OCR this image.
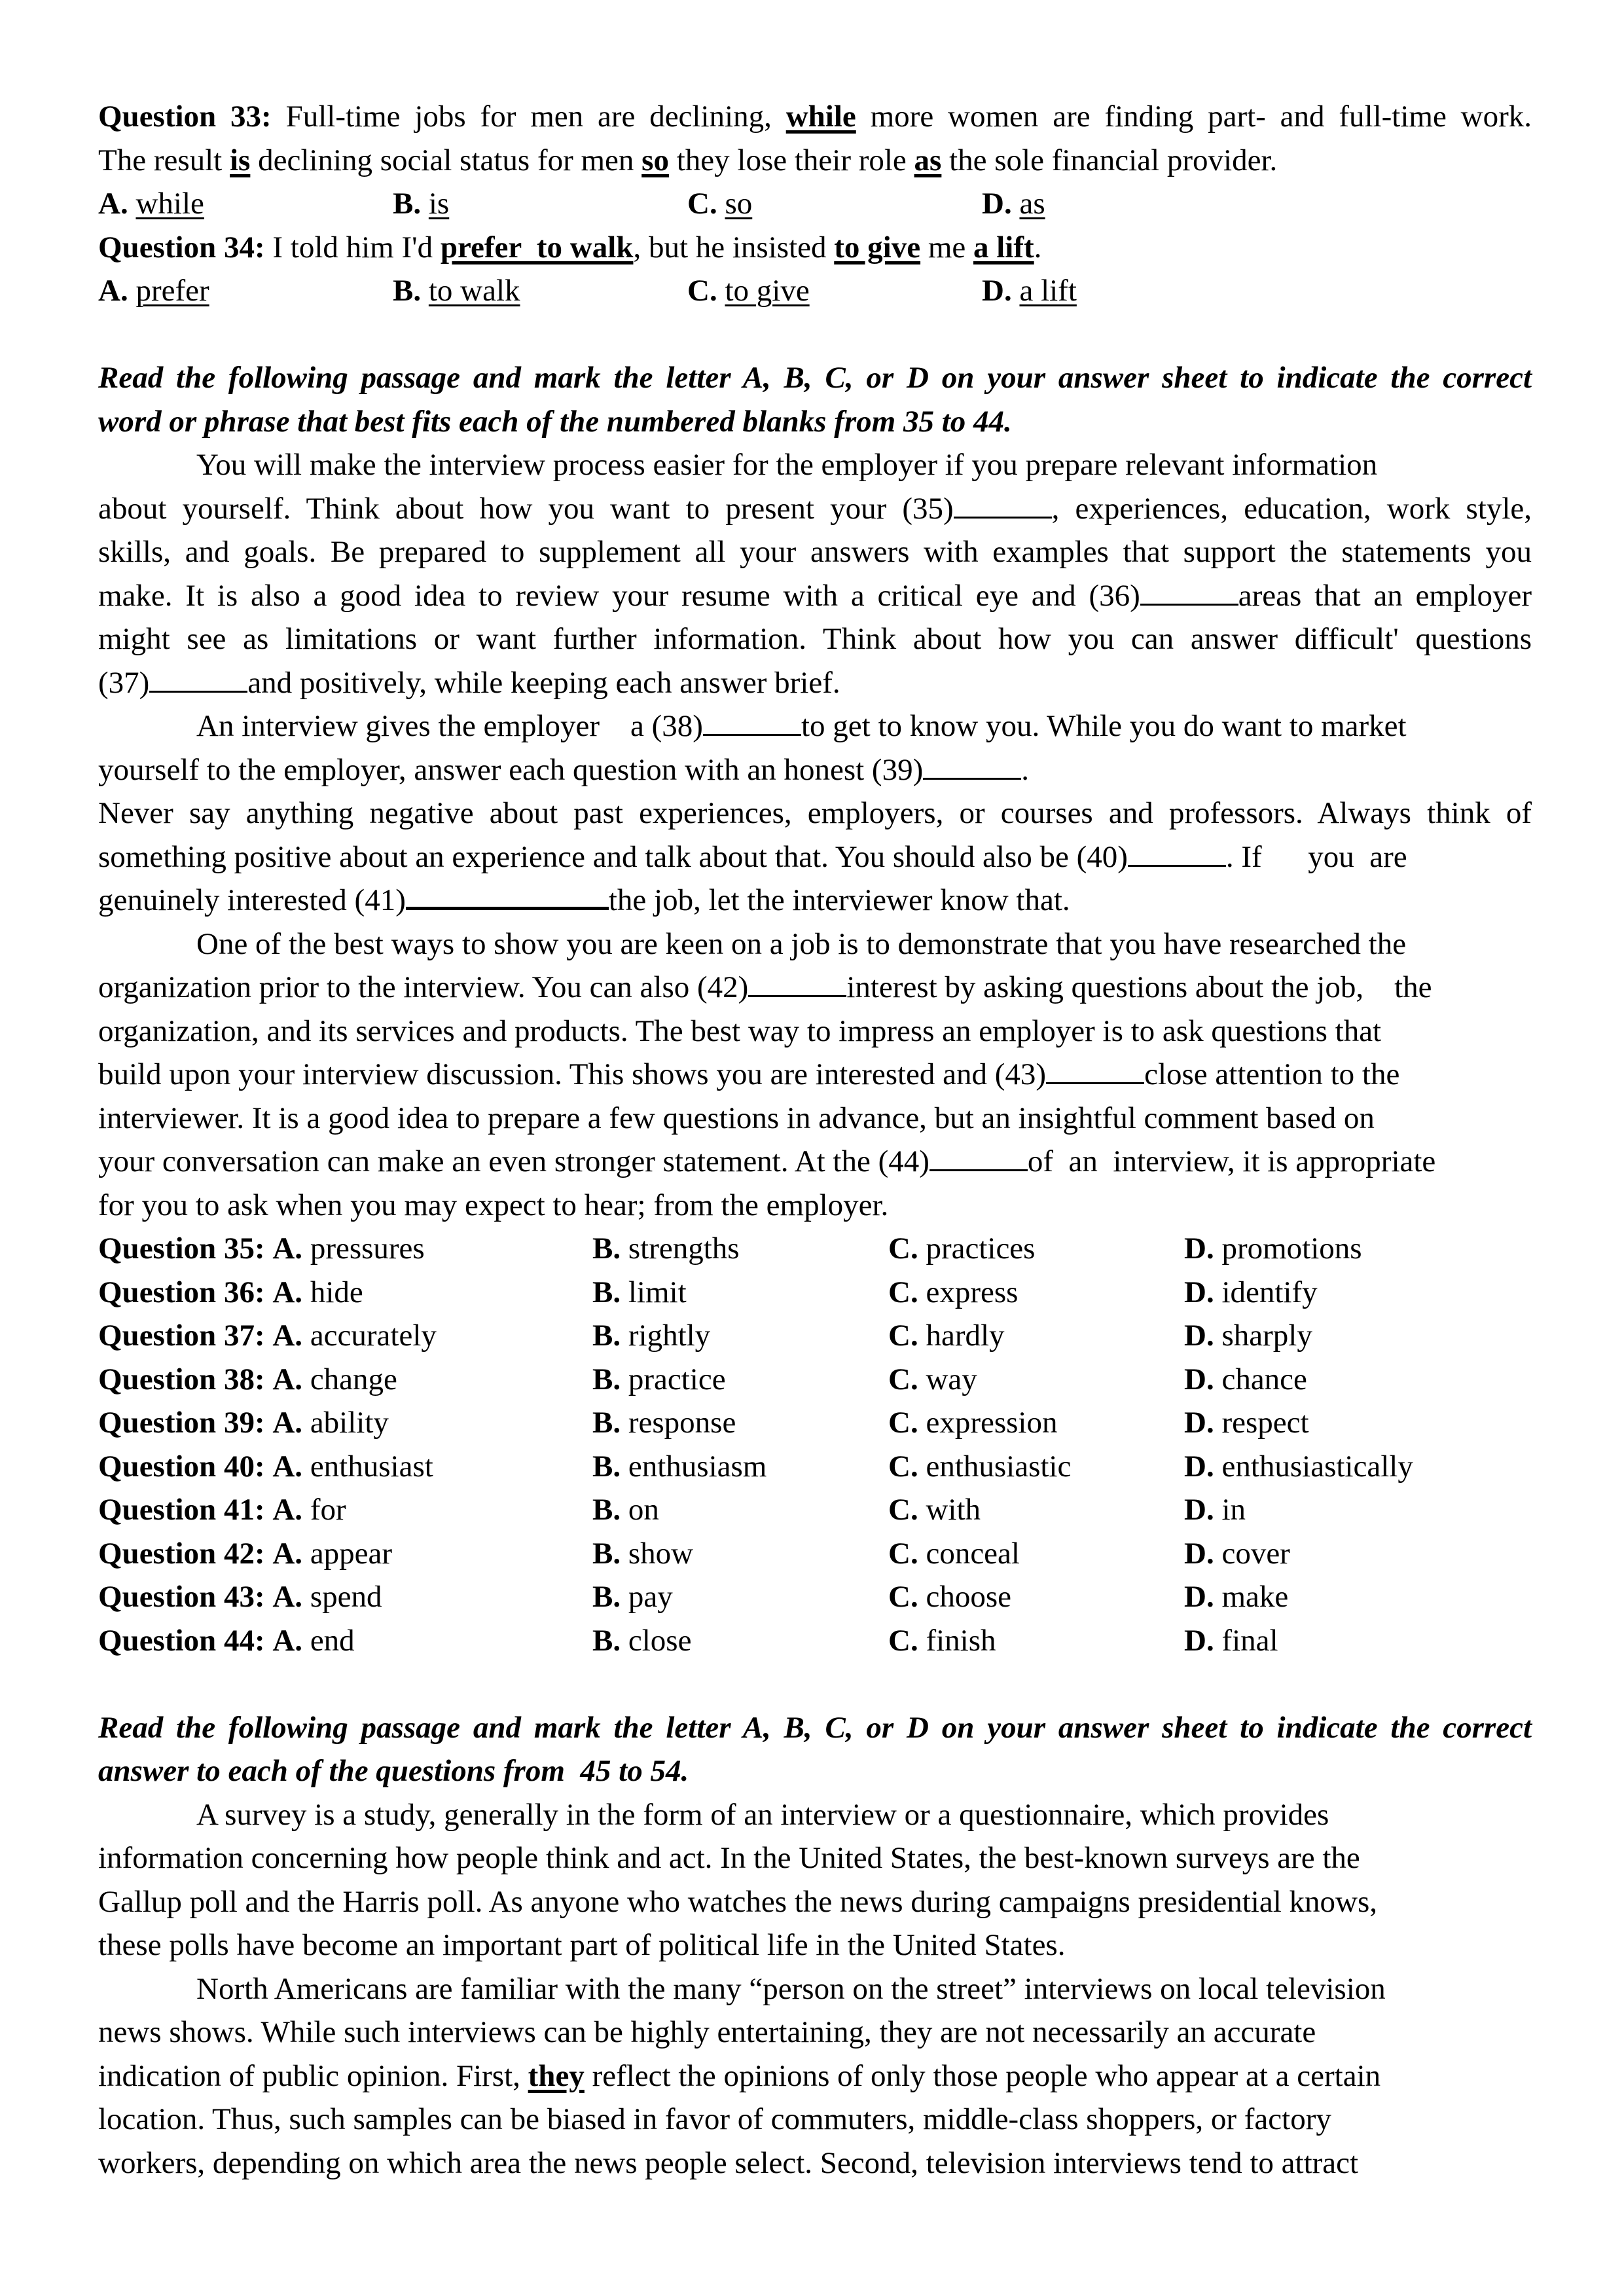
Question 33: Full-time jobs for men are declining, while more women are finding part- and full-time work.
The result is declining social status for men so they lose their role as the sole financial provider.
A. while	B. is	C. so	D. as
Question 34: I told him I'd prefer  to walk, but he insisted to give me a lift.
A. prefer	B. to walk	C. to give	D. a lift
Read the following passage and mark the letter A, B, C, or D on your answer sheet to indicate the correct
word or phrase that best fits each of the numbered blanks from 35 to 44.
You will make the interview process easier for the employer if you prepare relevant information
about yourself. Think about how you want to present your (35)	, experiences, education, work style,
skills, and goals. Be prepared to supplement all your answers with examples that support the statements you
make. It is also a good idea to review your resume with a critical eye and (36)	areas that an employer
might see as limitations or want further information. Think about how you can answer difficult' questions
(37)	and positively, while keeping each answer brief.
An interview gives the employer    a (38)	to get to know you. While you do want to market
yourself to the employer, answer each question with an honest (39)	.
Never say anything negative about past experiences, employers, or courses and professors. Always think of
something positive about an experience and talk about that. You should also be (40)	. If      you  are
genuinely interested (41)	the job, let the interviewer know that.
One of the best ways to show you are keen on a job is to demonstrate that you have researched the
organization prior to the interview. You can also (42)	interest by asking questions about the job,    the
organization, and its services and products. The best way to impress an employer is to ask questions that
build upon your interview discussion. This shows you are interested and (43)	close attention to the
interviewer. It is a good idea to prepare a few questions in advance, but an insightful comment based on
your conversation can make an even stronger statement. At the (44)	of  an  interview, it is appropriate
for you to ask when you may expect to hear; from the employer.
Question 35: A. pressures	B. strengths	C. practices	D. promotions
Question 36: A. hide	B. limit	C. express	D. identify
Question 37: A. accurately	B. rightly	C. hardly	D. sharply
Question 38: A. change	B. practice	C. way	D. chance
Question 39: A. ability	B. response	C. expression	D. respect
Question 40: A. enthusiast	B. enthusiasm	C. enthusiastic	D. enthusiastically
Question 41: A. for	B. on	C. with	D. in
Question 42: A. appear	B. show	C. conceal	D. cover
Question 43: A. spend	B. pay	C. choose	D. make
Question 44: A. end	B. close	C. finish	D. final
Read the following passage and mark the letter A, B, C, or D on your answer sheet to indicate the correct
answer to each of the questions from  45 to 54.
A survey is a study, generally in the form of an interview or a questionnaire, which provides
information concerning how people think and act. In the United States, the best-known surveys are the
Gallup poll and the Harris poll. As anyone who watches the news during campaigns presidential knows,
these polls have become an important part of political life in the United States.
North Americans are familiar with the many “person on the street” interviews on local television
news shows. While such interviews can be highly entertaining, they are not necessarily an accurate
indication of public opinion. First, they reflect the opinions of only those people who appear at a certain
location. Thus, such samples can be biased in favor of commuters, middle-class shoppers, or factory
workers, depending on which area the news people select. Second, television interviews tend to attract
